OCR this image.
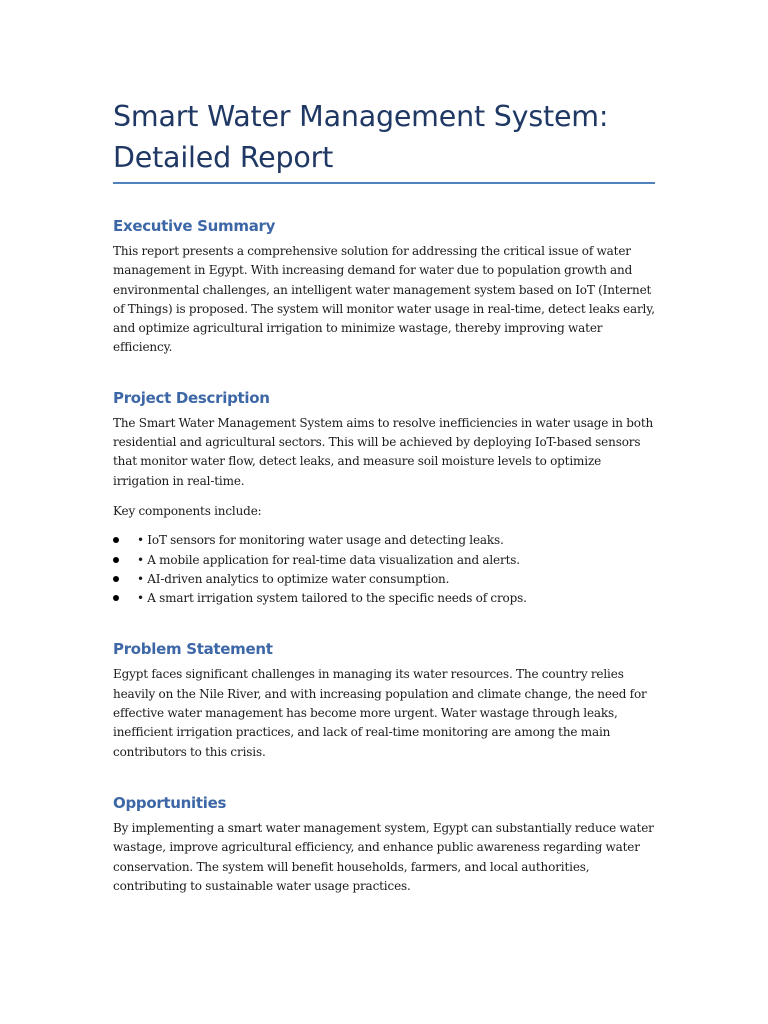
Smart Water Management System: Detailed Report
Executive Summary

This report presents a comprehensive solution for addressing the critical issue of water management in Egypt. With increasing demand for water due to population growth and environmental challenges, an intelligent water management system based on IoT (Internet of Things) is proposed. The system will monitor water usage in real-time, detect leaks early, and optimize agricultural irrigation to minimize wastage, thereby improving water efficiency.

Project Description

The Smart Water Management System aims to resolve inefficiencies in water usage in both residential and agricultural sectors. This will be achieved by deploying IoT-based sensors that monitor water flow, detect leaks, and measure soil moisture levels to optimize irrigation in real-time.

Key components include:

• IoT sensors for monitoring water usage and detecting leaks.
• A mobile application for real-time data visualization and alerts.
• AI-driven analytics to optimize water consumption.
• A smart irrigation system tailored to the specific needs of crops.
Problem Statement

Egypt faces significant challenges in managing its water resources. The country relies heavily on the Nile River, and with increasing population and climate change, the need for effective water management has become more urgent. Water wastage through leaks, inefficient irrigation practices, and lack of real-time monitoring are among the main contributors to this crisis.

Opportunities

By implementing a smart water management system, Egypt can substantially reduce water wastage, improve agricultural efficiency, and enhance public awareness regarding water conservation. The system will benefit households, farmers, and local authorities, contributing to sustainable water usage practices.
